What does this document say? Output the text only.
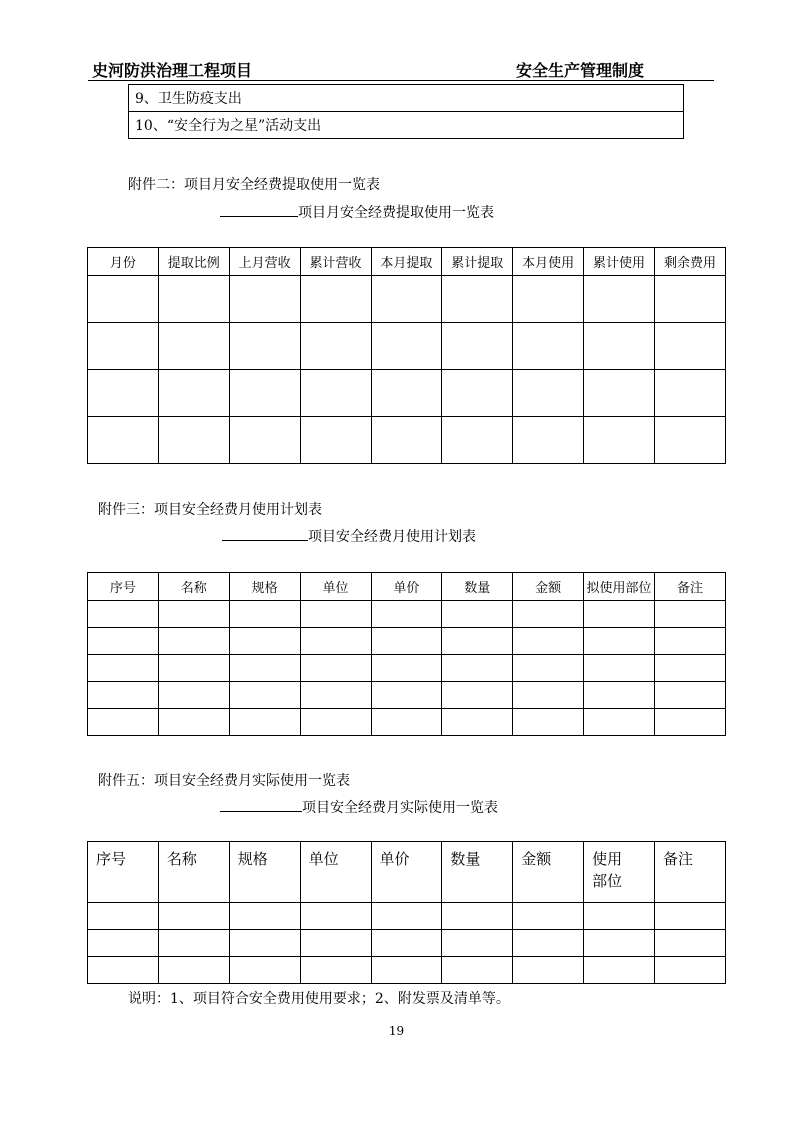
史河防洪治理工程项目	安全生产管理制度
9、卫生防疫支出
10、“安全行为之星”活动支出
附件二：项目月安全经费提取使用一览表
项目月安全经费提取使用一览表
月份	提取比例	上月营收	累计营收	本月提取	累计提取	本月使用	累计使用	剩余费用

附件三：项目安全经费月使用计划表
项目安全经费月使用计划表
序号	名称	规格	单位	单价	数量	金额	拟使用部位	备注

附件五：项目安全经费月实际使用一览表
项目安全经费月实际使用一览表
序号	名称	规格	单位	单价	数量	金额	使用部位	备注

说明：1、项目符合安全费用使用要求；2、附发票及清单等。
19
